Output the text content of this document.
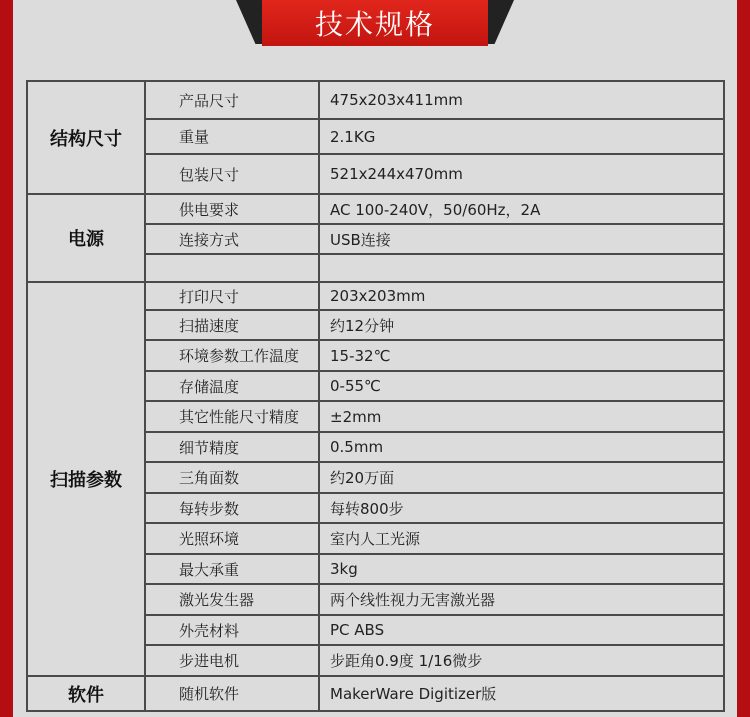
技术规格
结构尺寸	产品尺寸	475x203x411mm
	重量	2.1KG
	包装尺寸	521x244x470mm
电源	供电要求	AC 100-240V，50/60Hz，2A
	连接方式	USB连接

扫描参数	打印尺寸	203x203mm
	扫描速度	约12分钟
	环境参数工作温度	15-32℃
	存储温度	0-55℃
	其它性能尺寸精度	±2mm
	细节精度	0.5mm
	三角面数	约20万面
	每转步数	每转800步
	光照环境	室内人工光源
	最大承重	3kg
	激光发生器	两个线性视力无害激光器
	外壳材料	PC ABS
	步进电机	步距角0.9度 1/16微步
软件	随机软件	MakerWare Digitizer版
